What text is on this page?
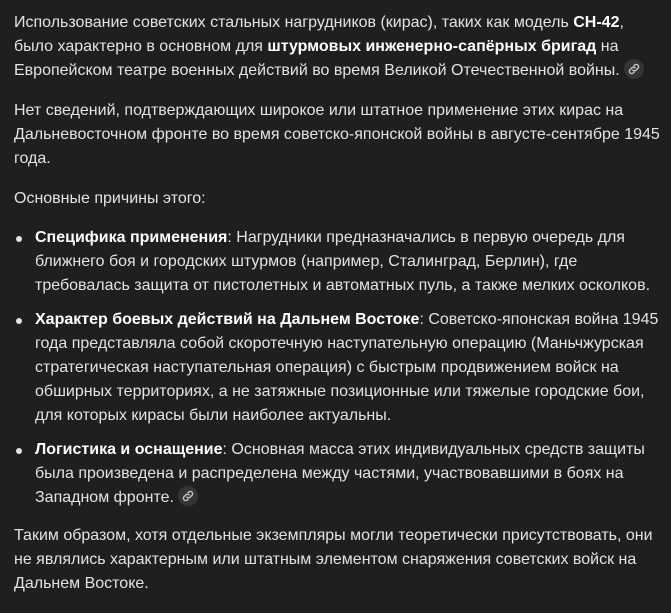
Использование советских стальных нагрудников (кирас), таких как модель СН-42, было характерно в основном для штурмовых инженерно-сапёрных бригад на Европейском театре военных действий во время Великой Отечественной войны.

Нет сведений, подтверждающих широкое или штатное применение этих кирас на Дальневосточном фронте во время советско-японской войны в августе-сентябре 1945 года.

Основные причины этого:

Специфика применения: Нагрудники предназначались в первую очередь для ближнего боя и городских штурмов (например, Сталинград, Берлин), где требовалась защита от пистолетных и автоматных пуль, а также мелких осколков.
Характер боевых действий на Дальнем Востоке: Советско-японская война 1945 года представляла собой скоротечную наступательную операцию (Маньчжурская стратегическая наступательная операция) с быстрым продвижением войск на обширных территориях, а не затяжные позиционные или тяжелые городские бои, для которых кирасы были наиболее актуальны.
Логистика и оснащение: Основная масса этих индивидуальных средств защиты была произведена и распределена между частями, участвовавшими в боях на Западном фронте.

Таким образом, хотя отдельные экземпляры могли теоретически присутствовать, они не являлись характерным или штатным элементом снаряжения советских войск на Дальнем Востоке.
